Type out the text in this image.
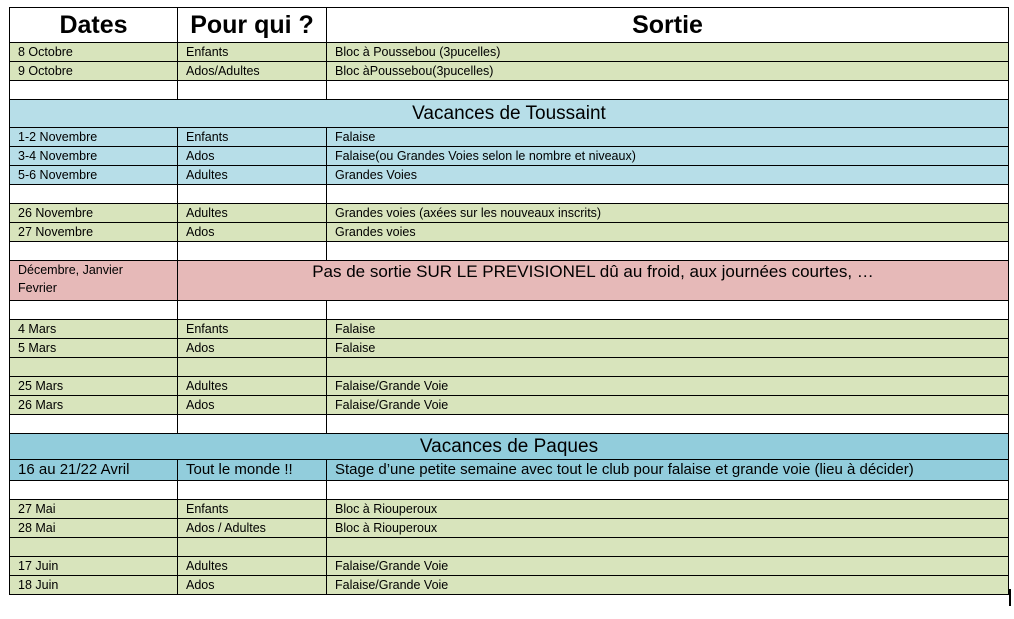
Dates	Pour qui ?	Sortie
8 Octobre	Enfants	Bloc à Poussebou (3pucelles)
9 Octobre	Ados/Adultes	Bloc àPoussebou(3pucelles)

Vacances de Toussaint		
1-2 Novembre	Enfants	Falaise
3-4 Novembre	Ados	Falaise(ou Grandes Voies selon le nombre et niveaux)
5-6 Novembre	Adultes	Grandes Voies

26 Novembre	Adultes	Grandes voies (axées sur les nouveaux inscrits)
27 Novembre	Ados	Grandes voies

Décembre, Janvier
Fevrier	Pas de sortie SUR LE PREVISIONEL dû au froid, aux journées courtes, …	

4 Mars	Enfants	Falaise
5 Mars	Ados	Falaise

25 Mars	Adultes	Falaise/Grande Voie
26 Mars	Ados	Falaise/Grande Voie

Vacances de Paques		
16 au 21/22 Avril	Tout le monde !!	Stage d’une petite semaine avec tout le club pour falaise et grande voie (lieu à décider)

27 Mai	Enfants	Bloc à Riouperoux
28 Mai	Ados / Adultes	Bloc à Riouperoux

17 Juin	Adultes	Falaise/Grande Voie
18 Juin	Ados	Falaise/Grande Voie
